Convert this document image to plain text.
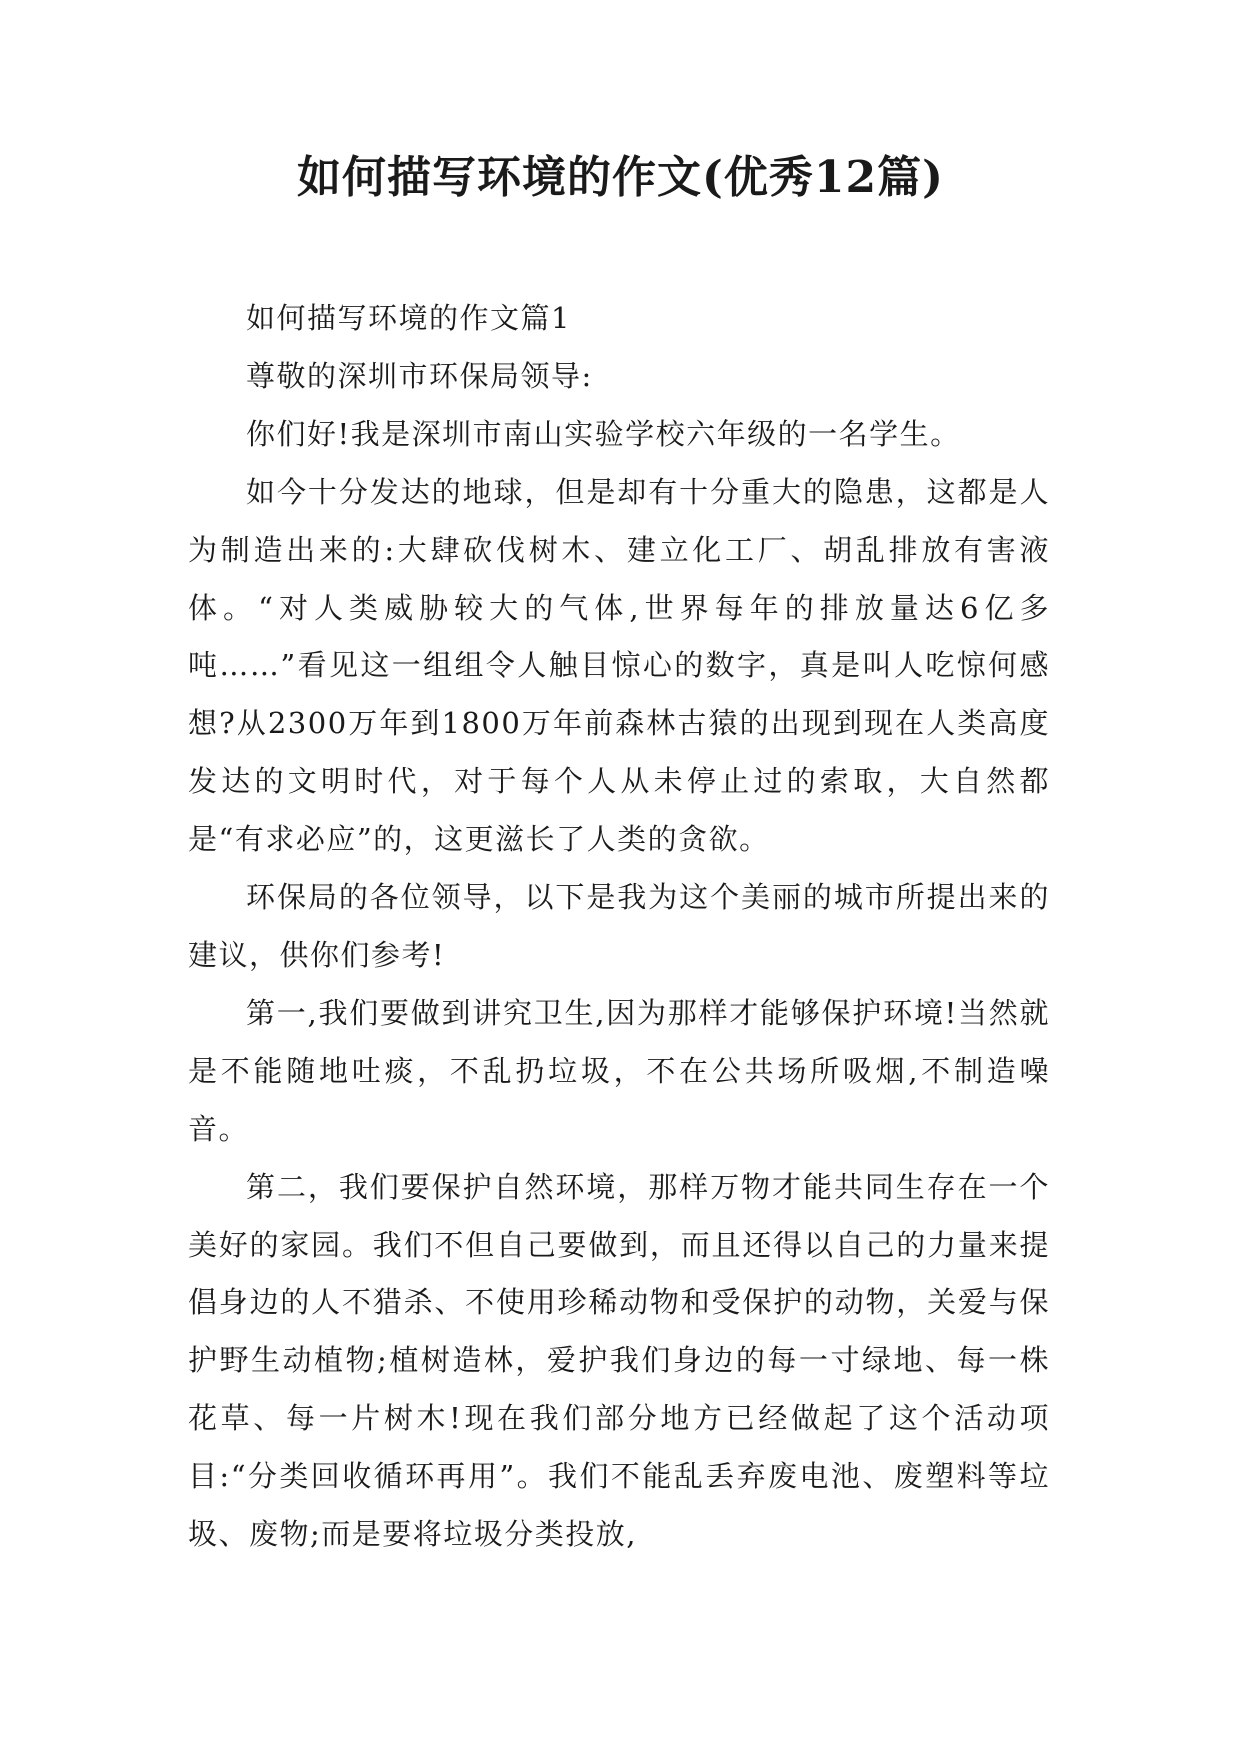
如何描写环境的作文(优秀12篇)

如何描写环境的作文篇1

尊敬的深圳市环保局领导:

你们好!我是深圳市南山实验学校六年级的一名学生。

如今十分发达的地球，但是却有十分重大的隐患，这都是人为制造出来的:大肆砍伐树木、建立化工厂、胡乱排放有害液体。“对人类威胁较大的气体,世界每年的排放量达6亿多吨……”看见这一组组令人触目惊心的数字，真是叫人吃惊何感想?从2300万年到1800万年前森林古猿的出现到现在人类高度发达的文明时代，对于每个人从未停止过的索取，大自然都是“有求必应”的，这更滋长了人类的贪欲。

环保局的各位领导，以下是我为这个美丽的城市所提出来的建议，供你们参考!

第一,我们要做到讲究卫生,因为那样才能够保护环境!当然就是不能随地吐痰，不乱扔垃圾，不在公共场所吸烟,不制造噪音。

第二，我们要保护自然环境，那样万物才能共同生存在一个美好的家园。我们不但自己要做到，而且还得以自己的力量来提倡身边的人不猎杀、不使用珍稀动物和受保护的动物，关爱与保护野生动植物;植树造林，爱护我们身边的每一寸绿地、每一株花草、每一片树木!现在我们部分地方已经做起了这个活动项目:“分类回收循环再用”。我们不能乱丢弃废电池、废塑料等垃圾、废物;而是要将垃圾分类投放,
